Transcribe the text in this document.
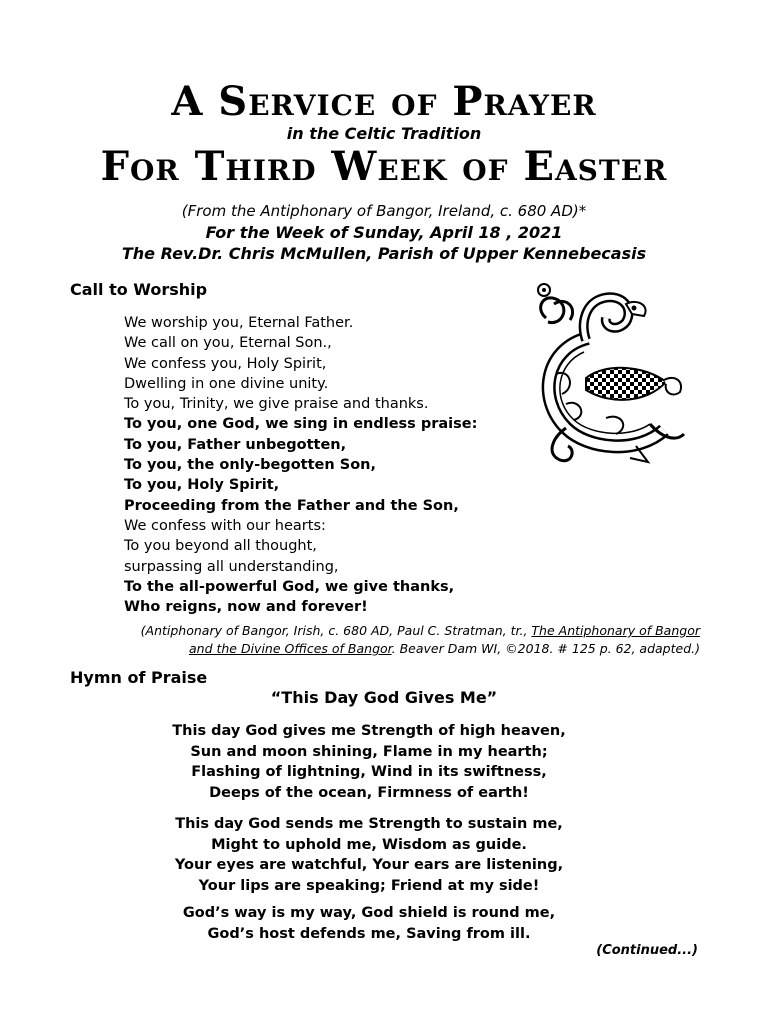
A Service of Prayer
in the Celtic Tradition
For Third Week of Easter
(From the Antiphonary of Bangor, Ireland, c. 680 AD)*
For the Week of Sunday, April 18 , 2021
The Rev.Dr. Chris McMullen, Parish of Upper Kennebecasis
Call to Worship
We worship you, Eternal Father.
We call on you, Eternal Son.,
We confess you, Holy Spirit,
Dwelling in one divine unity.
To you, Trinity, we give praise and thanks.
To you, one God, we sing in endless praise:
To you, Father unbegotten,
To you, the only-begotten Son,
To you, Holy Spirit,
Proceeding from the Father and the Son,
We confess with our hearts:
To you beyond all thought,
surpassing all understanding,
To the all-powerful God, we give thanks,
Who reigns, now and forever!
(Antiphonary of Bangor, Irish, c. 680 AD, Paul C. Stratman, tr., The Antiphonary of Bangor
and the Divine Offices of Bangor. Beaver Dam WI, ©2018. # 125 p. 62, adapted.)
Hymn of Praise
“This Day God Gives Me”
This day God gives me Strength of high heaven,
Sun and moon shining, Flame in my hearth;
Flashing of lightning, Wind in its swiftness,
Deeps of the ocean, Firmness of earth!
This day God sends me Strength to sustain me,
Might to uphold me, Wisdom as guide.
Your eyes are watchful, Your ears are listening,
Your lips are speaking; Friend at my side!
God’s way is my way, God shield is round me,
God’s host defends me, Saving from ill.
(Continued...)
